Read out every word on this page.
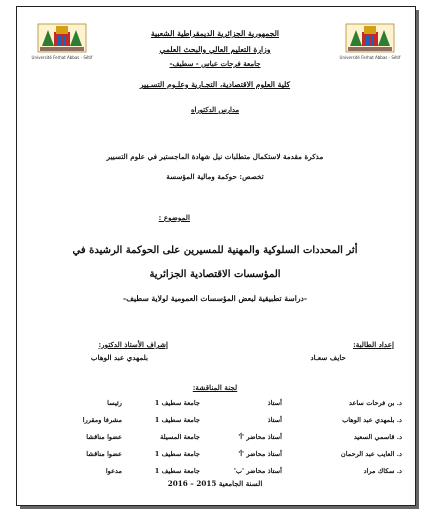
Université Ferhat Abbas - Sétif	Université Ferhat Abbas - Sétif
الجمهورية الجزائرية الديمقراطية الشعبية
وزارة التعليم العالي والبحث العلمي
جامعة فرحات عباس - سطيف-
كلية العلوم الاقتصادية، التجـارية وعلـوم التسـيير
مدارس الدكتوراه
مذكرة مقدمة لاستكمال متطلبات نيل شهادة الماجستير في علوم التسيير
تخصص: حوكمة ومالية المؤسسة
الموضوع :
أثر المحددات السلوكية والمهنية للمسيرين على الحوكمة الرشيدة في
المؤسسات الاقتصادية الجزائرية
-دراسة تطبيقية لبعض المؤسسات العمومية لولاية سطيف-
إعداد الطالبة:
حايف سعـاد
إشراف الأستاذ الدكتور:
بلمهدي عبد الوهاب
لجنة المناقشة:
د. بن فرحات ساعد
أستاذ
جامعة سطيف 1
رئيسا
د. بلمهدي عبد الوهاب
أستاذ
جامعة سطيف 1
مشرفا ومقررا
د. قاسمي السعيد
أستاذ محاضر 'أ'
جامعة المسيلة
عضوا مناقشا
د. العايب عبد الرحمان
أستاذ محاضر 'أ'
جامعة سطيف 1
عضوا مناقشا
د. سكاك مراد
أستاذ محاضر 'ب'
جامعة سطيف 1
مدعوا
السنة الجامعية 2015 – 2016
